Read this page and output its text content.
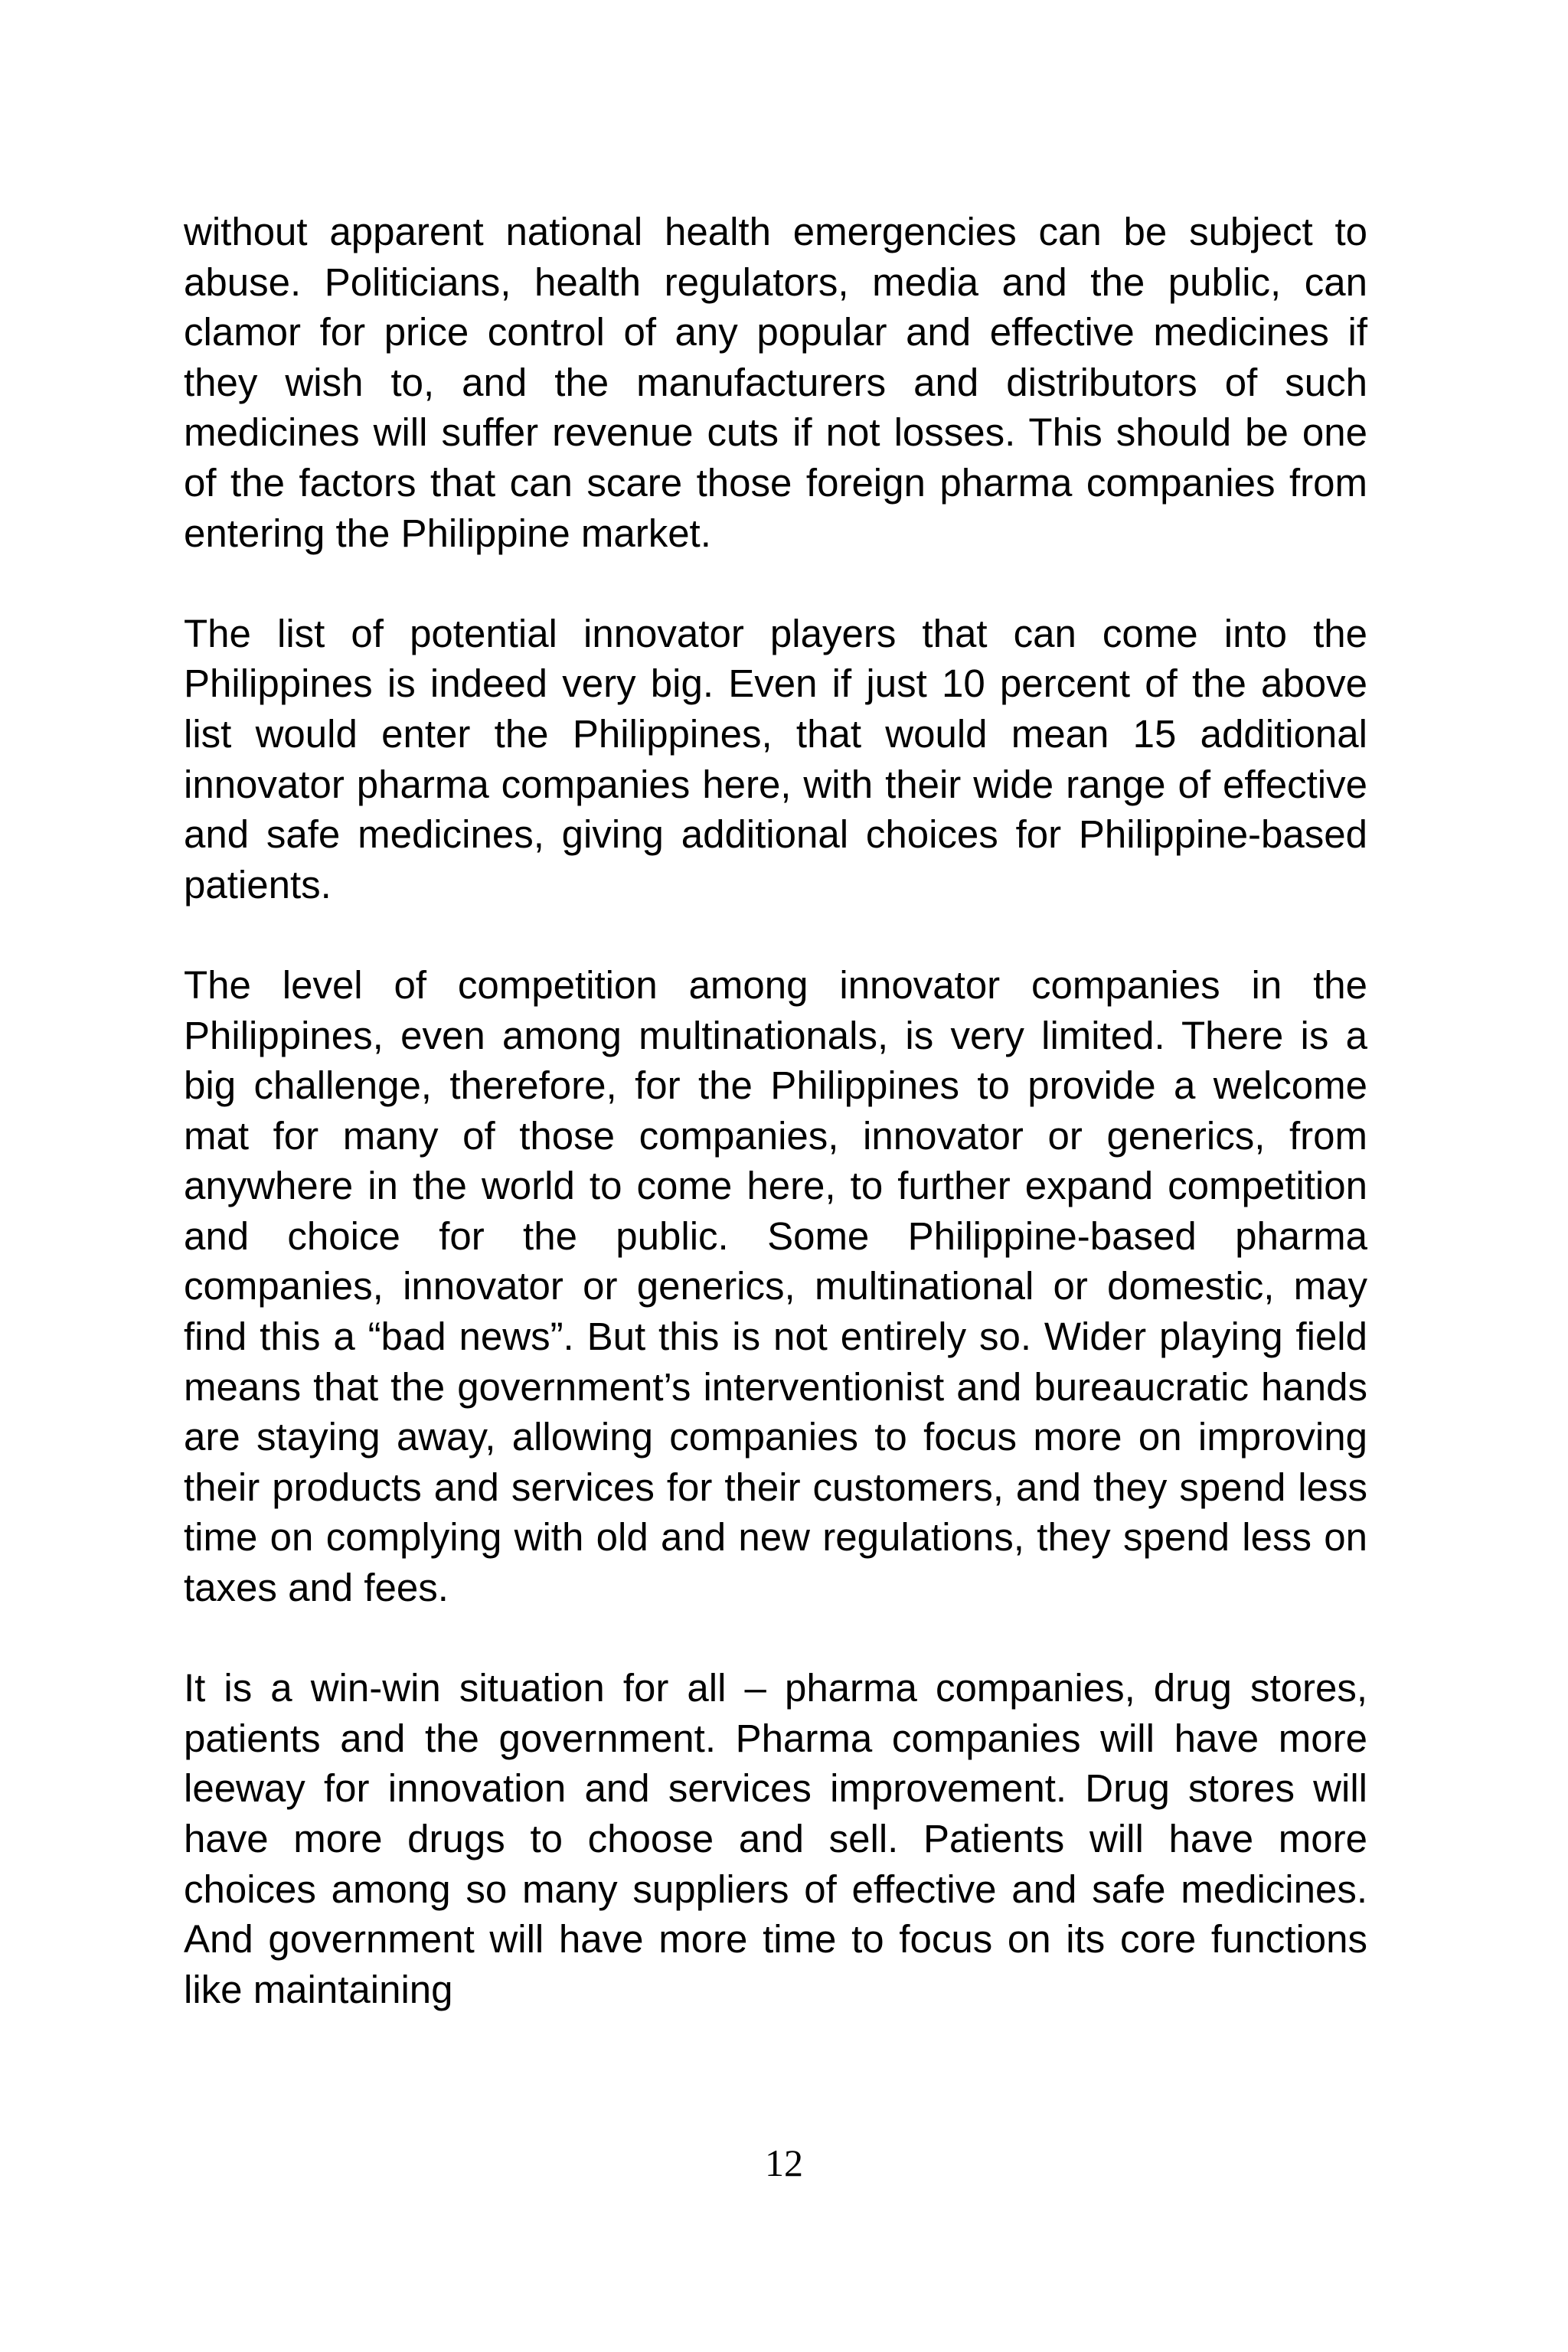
without apparent national health emergencies can be subject to abuse. Politicians, health regulators, media and the public, can clamor for price control of any popular and effective medicines if they wish to, and the manufacturers and distributors of such medicines will suffer revenue cuts if not losses. This should be one of the factors that can scare those foreign pharma companies from entering the Philippine market.

The list of potential innovator players that can come into the Philippines is indeed very big. Even if just 10 percent of the above list would enter the Philippines, that would mean 15 additional innovator pharma companies here, with their wide range of effective and safe medicines, giving additional choices for Philippine-based patients.

The level of competition among innovator companies in the Philippines, even among multinationals, is very limited. There is a big challenge, therefore, for the Philippines to provide a welcome mat for many of those companies, innovator or generics, from anywhere in the world to come here, to further expand competition and choice for the public. Some Philippine-based pharma companies, innovator or generics, multinational or domestic, may find this a “bad news”. But this is not entirely so. Wider playing field means that the government’s interventionist and bureaucratic hands are staying away, allowing companies to focus more on improving their products and services for their customers, and they spend less time on complying with old and new regulations, they spend less on taxes and fees.

It is a win-win situation for all – pharma companies, drug stores, patients and the government. Pharma companies will have more leeway for innovation and services improvement. Drug stores will have more drugs to choose and sell. Patients will have more choices among so many suppliers of effective and safe medicines. And government will have more time to focus on its core functions like maintaining

12
